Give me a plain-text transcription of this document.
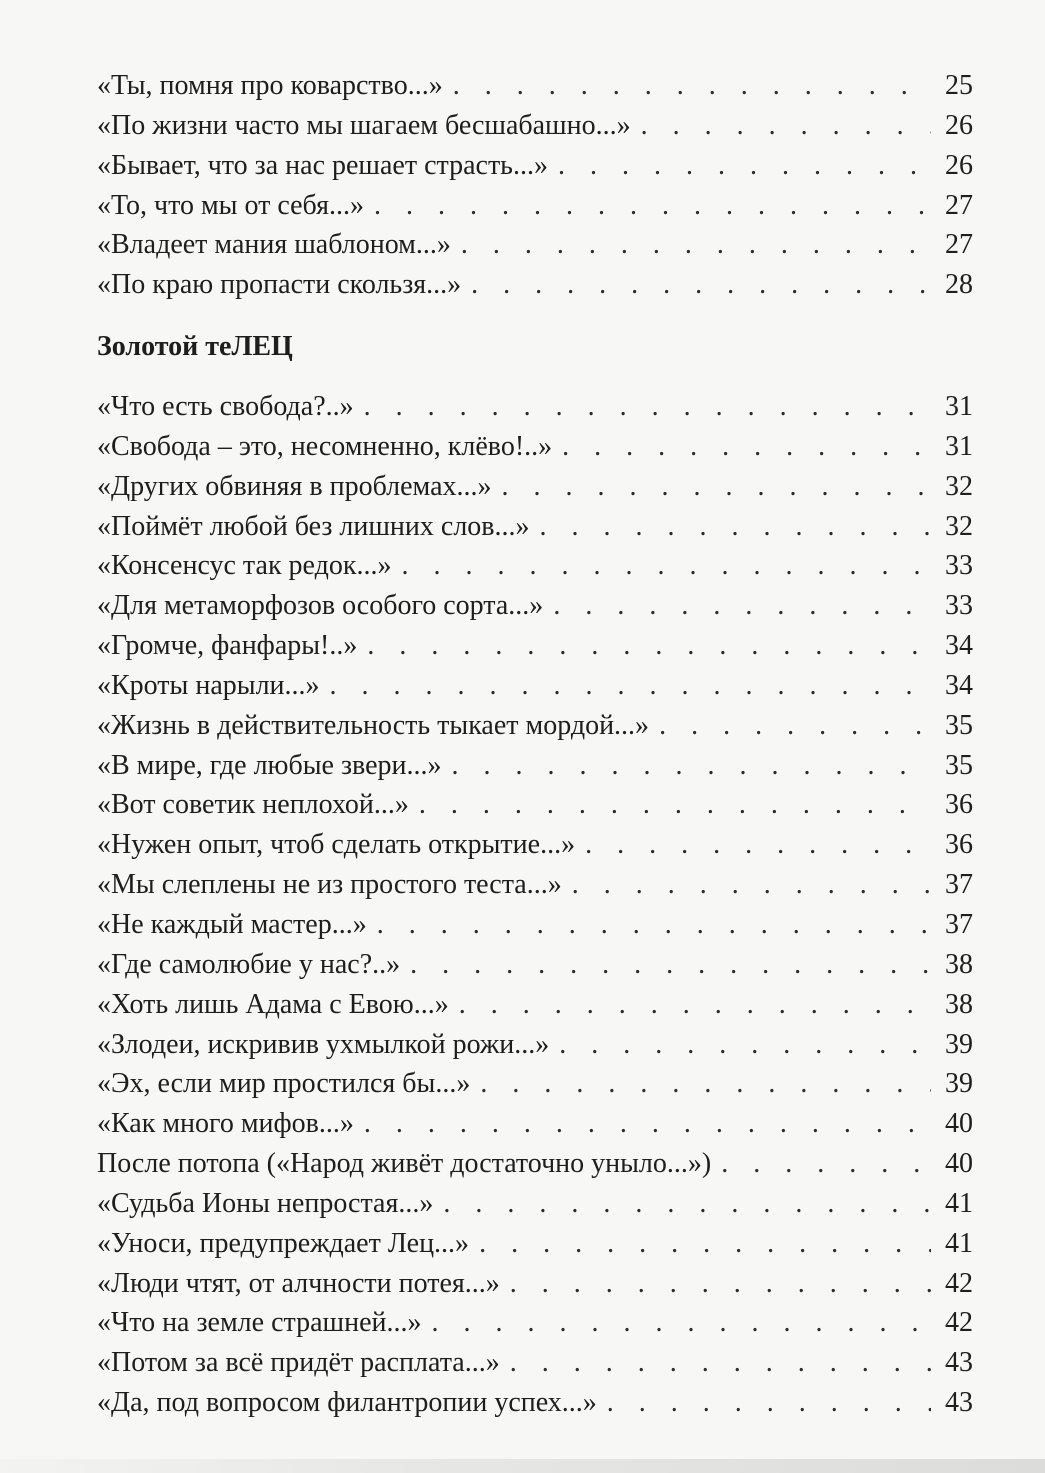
«Ты, помня про коварство...» . . .	25
«По жизни часто мы шагаем бесшабашно...» . . .	26
«Бывает, что за нас решает страсть...» . . .	26
«То, что мы от себя...» . . .	27
«Владеет мания шаблоном...» . . .	27
«По краю пропасти скользя...» . . .	28
Золотой теЛЕЦ
«Что есть свобода?..» . . .	31
«Свобода – это, несомненно, клёво!..» . . .	31
«Других обвиняя в проблемах...» . . .	32
«Поймёт любой без лишних слов...» . . .	32
«Консенсус так редок...» . . .	33
«Для метаморфозов особого сорта...» . . .	33
«Громче, фанфары!..» . . .	34
«Кроты нарыли...» . . .	34
«Жизнь в действительность тыкает мордой...» . . .	35
«В мире, где любые звери...» . . .	35
«Вот советик неплохой...» . . .	36
«Нужен опыт, чтоб сделать открытие...» . . .	36
«Мы слеплены не из простого теста...» . . .	37
«Не каждый мастер...» . . .	37
«Где самолюбие у нас?..» . . .	38
«Хоть лишь Адама с Евою...» . . .	38
«Злодеи, искривив ухмылкой рожи...» . . .	39
«Эх, если мир простился бы...» . . .	39
«Как много мифов...» . . .	40
После потопа («Народ живёт достаточно уныло...») . . .	40
«Судьба Ионы непростая...» . . .	41
«Уноси, предупреждает Лец...» . . .	41
«Люди чтят, от алчности потея...» . . .	42
«Что на земле страшней...» . . .	42
«Потом за всё придёт расплата...» . . .	43
«Да, под вопросом филантропии успех...» . . .	43
